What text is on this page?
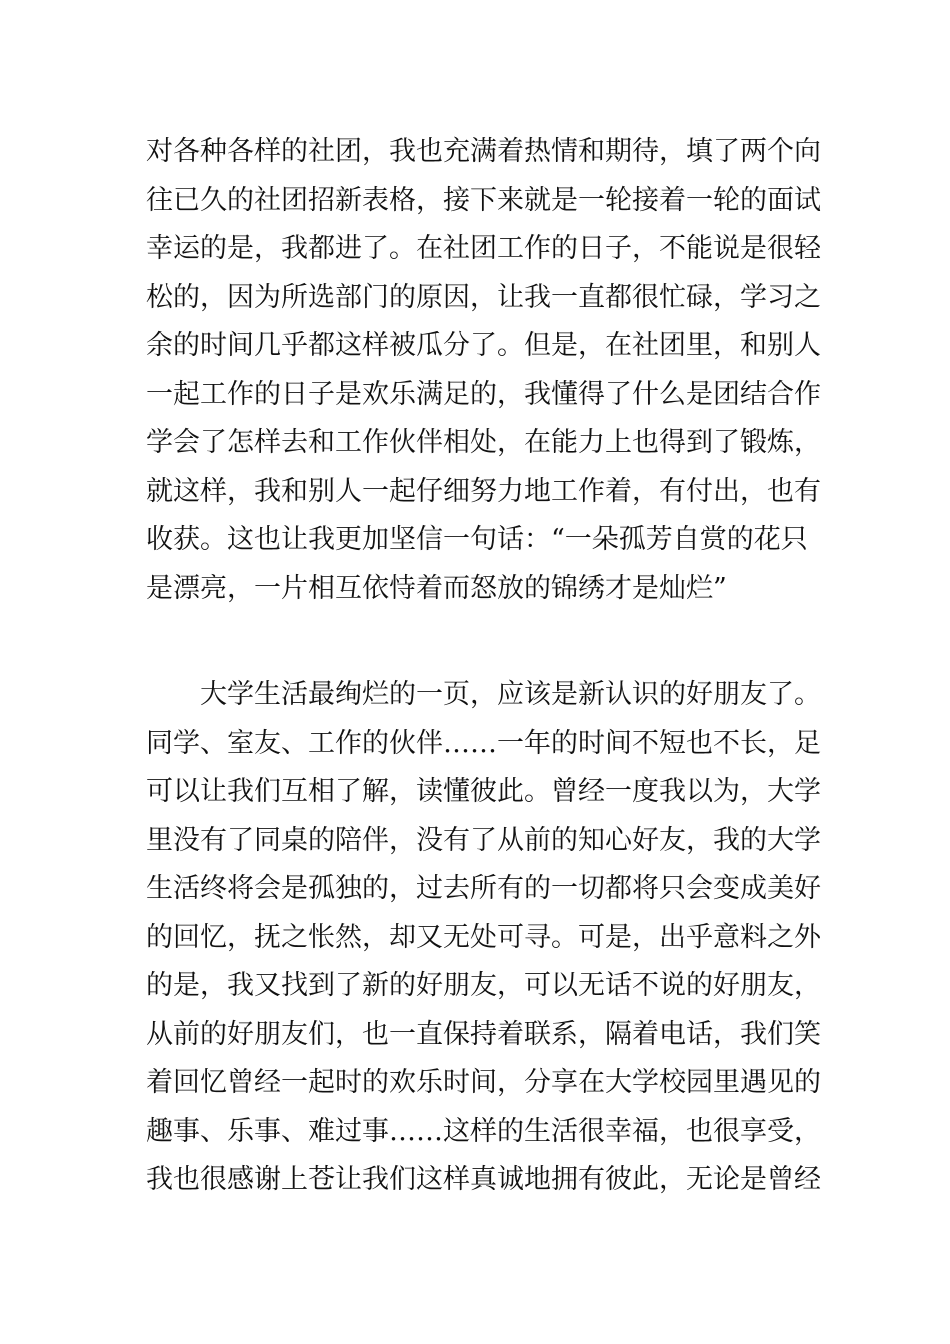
对各种各样的社团，我也充满着热情和期待，填了两个向
往已久的社团招新表格，接下来就是一轮接着一轮的面试
幸运的是，我都进了。在社团工作的日子，不能说是很轻
松的，因为所选部门的原因，让我一直都很忙碌，学习之
余的时间几乎都这样被瓜分了。但是，在社团里，和别人
一起工作的日子是欢乐满足的，我懂得了什么是团结合作
学会了怎样去和工作伙伴相处，在能力上也得到了锻炼，
就这样，我和别人一起仔细努力地工作着，有付出，也有
收获。这也让我更加坚信一句话：“一朵孤芳自赏的花只
是漂亮，一片相互依恃着而怒放的锦绣才是灿烂”
　　大学生活最绚烂的一页，应该是新认识的好朋友了。
同学、室友、工作的伙伴……一年的时间不短也不长，足
可以让我们互相了解，读懂彼此。曾经一度我以为，大学
里没有了同桌的陪伴，没有了从前的知心好友，我的大学
生活终将会是孤独的，过去所有的一切都将只会变成美好
的回忆，抚之怅然，却又无处可寻。可是，出乎意料之外
的是，我又找到了新的好朋友，可以无话不说的好朋友，
从前的好朋友们，也一直保持着联系，隔着电话，我们笑
着回忆曾经一起时的欢乐时间，分享在大学校园里遇见的
趣事、乐事、难过事……这样的生活很幸福，也很享受，
我也很感谢上苍让我们这样真诚地拥有彼此，无论是曾经
